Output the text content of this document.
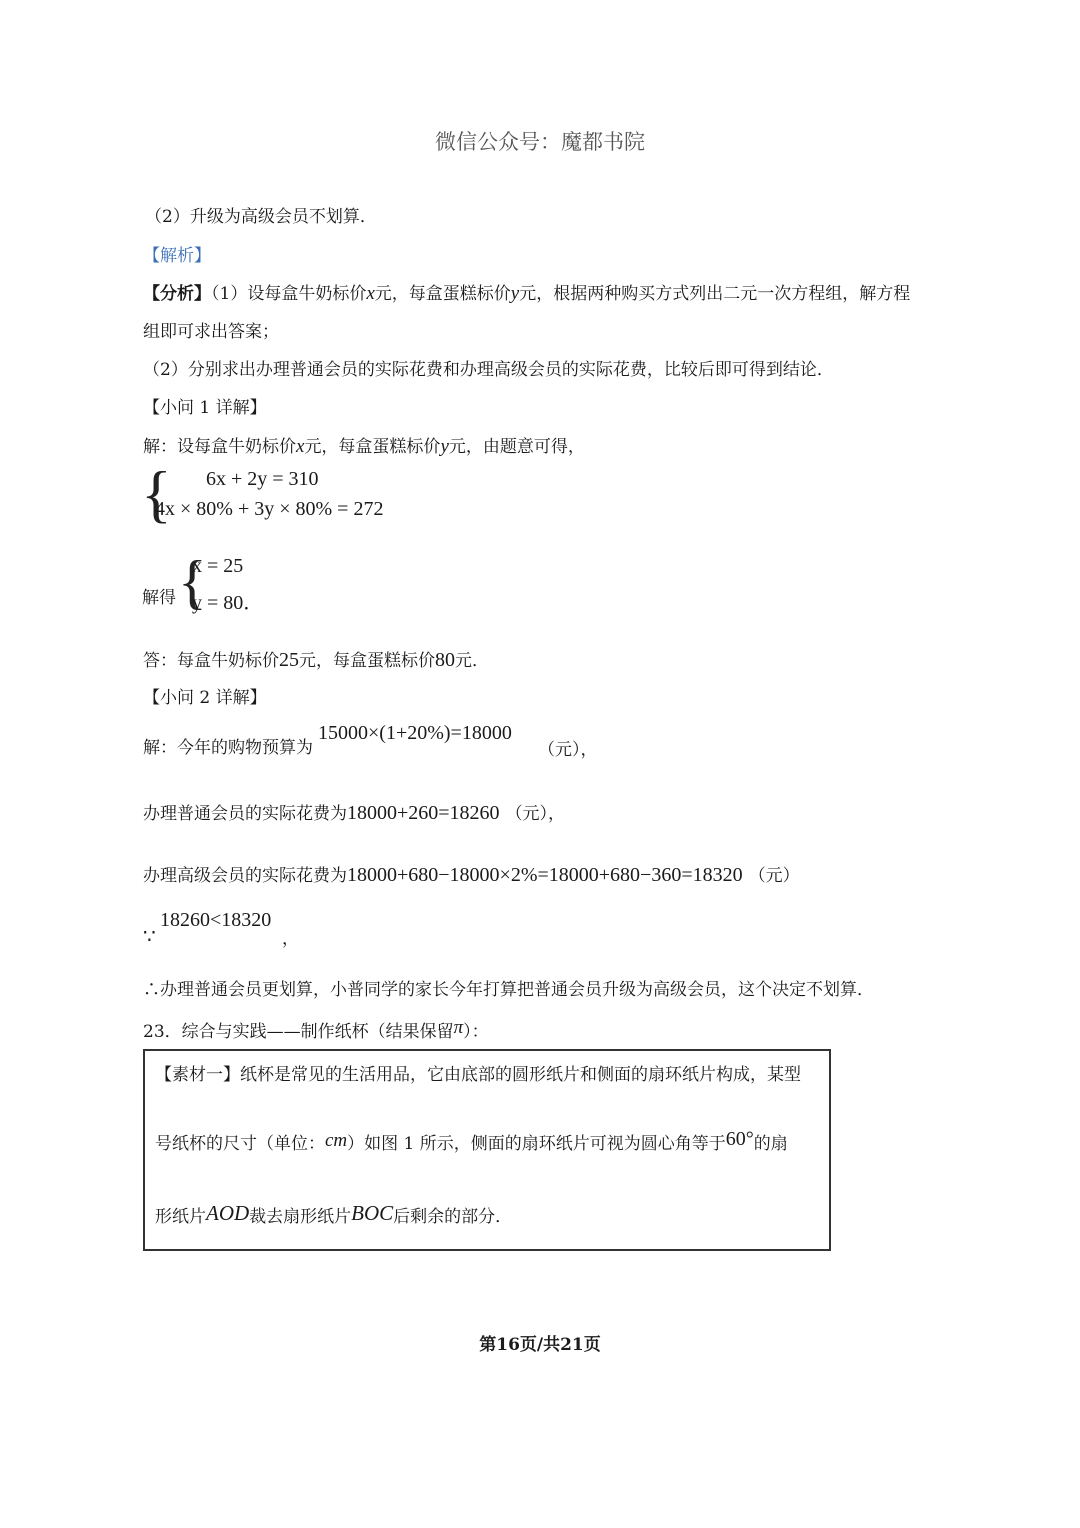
微信公众号：魔都书院
（2）升级为高级会员不划算．
【解析】
【分析】（1）设每盒牛奶标价x元，每盒蛋糕标价y元，根据两种购买方式列出二元一次方程组，解方程
组即可求出答案；
（2）分别求出办理普通会员的实际花费和办理高级会员的实际花费，比较后即可得到结论．
【小问 1 详解】
解：设每盒牛奶标价x元，每盒蛋糕标价y元，由题意可得，
{ 6x + 2y = 310
4x × 80% + 3y × 80% = 272
解得 {
x = 25
y = 80．
答：每盒牛奶标价25元，每盒蛋糕标价80元．
【小问 2 详解】
解：今年的购物预算为
15000×(1+20%)=18000
（元），
办理普通会员的实际花费为18000+260=18260 （元），
办理高级会员的实际花费为18000+680−18000×2%=18000+680−360=18320 （元）
∵
18260<18320
，
∴办理普通会员更划算，小普同学的家长今年打算把普通会员升级为高级会员，这个决定不划算．
23．综合与实践——制作纸杯（结果保留π）：
【素材一】纸杯是常见的生活用品，它由底部的圆形纸片和侧面的扇环纸片构成，某型
号纸杯的尺寸（单位：cm）如图 1 所示，侧面的扇环纸片可视为圆心角等于60°的扇
形纸片AOD裁去扇形纸片BOC后剩余的部分．
第16页/共21页
